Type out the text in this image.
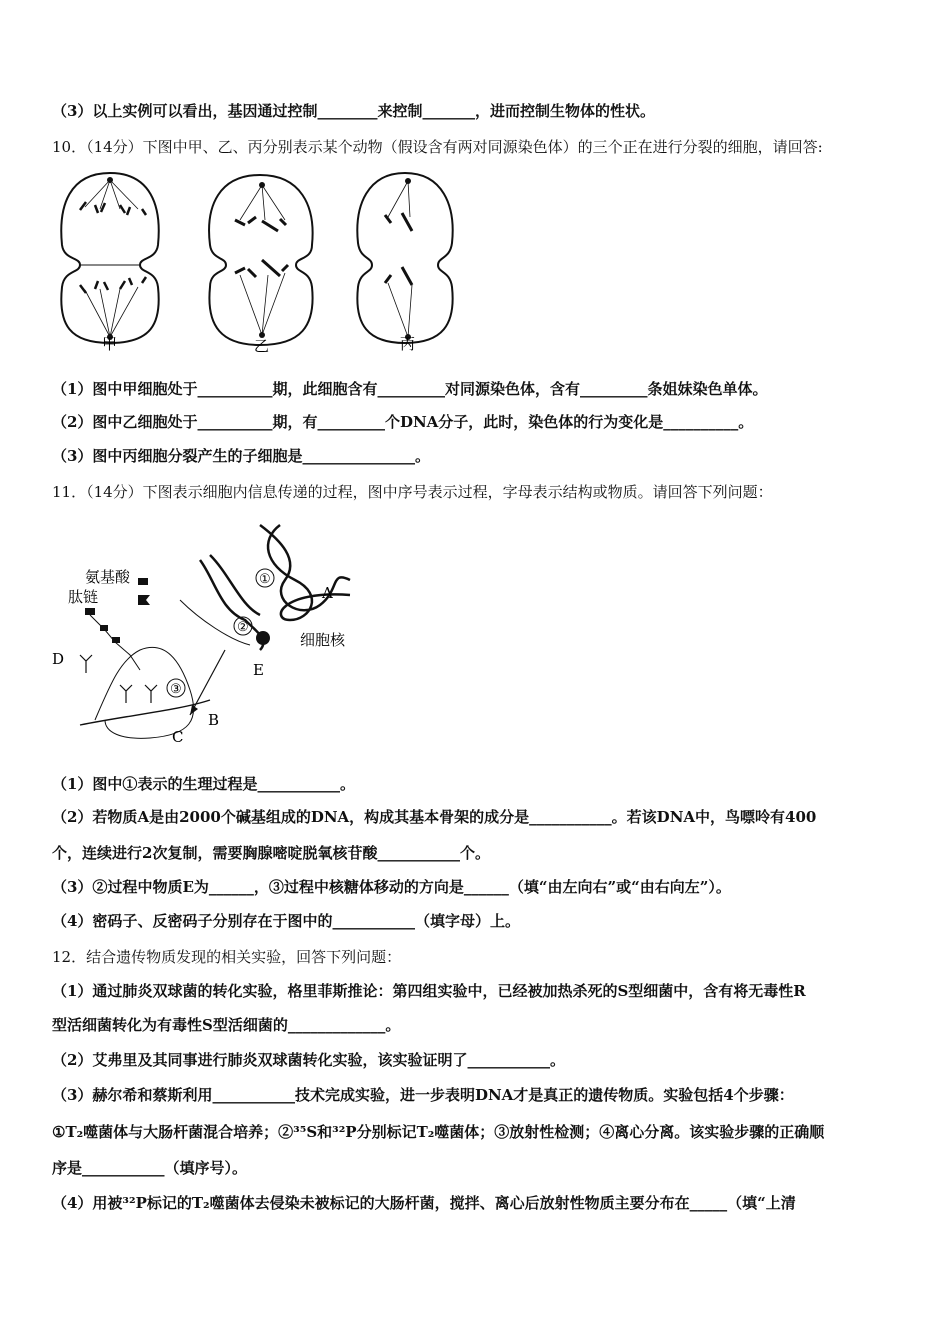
（3）以上实例可以看出，基因通过控制________来控制_______，进而控制生物体的性状。
10．（14分）下图中甲、乙、丙分别表示某个动物（假设含有两对同源染色体）的三个正在进行分裂的细胞，请回答:
甲	乙	丙
（1）图中甲细胞处于__________期，此细胞含有_________对同源染色体，含有_________条姐妹染色单体。
（2）图中乙细胞处于__________期，有_________个DNA分子，此时，染色体的行为变化是__________。
（3）图中丙细胞分裂产生的子细胞是_______________。
11．（14分）下图表示细胞内信息传递的过程，图中序号表示过程，字母表示结构或物质。请回答下列问题：
①
②
③
氨基酸
肽链
细胞核
A
B
C
D
E
（1）图中①表示的生理过程是___________。
（2）若物质A是由2000个碱基组成的DNA，构成其基本骨架的成分是___________。若该DNA中，鸟嘌呤有400
个，连续进行2次复制，需要胸腺嘧啶脱氧核苷酸___________个。
（3）②过程中物质E为______，③过程中核糖体移动的方向是______（填“由左向右”或“由右向左”）。
（4）密码子、反密码子分别存在于图中的___________（填字母）上。
12．结合遗传物质发现的相关实验，回答下列问题：
（1）通过肺炎双球菌的转化实验，格里菲斯推论：第四组实验中，已经被加热杀死的S型细菌中，含有将无毒性R
型活细菌转化为有毒性S型活细菌的_____________。
（2）艾弗里及其同事进行肺炎双球菌转化实验，该实验证明了___________。
（3）赫尔希和蔡斯利用___________技术完成实验，进一步表明DNA才是真正的遗传物质。实验包括4个步骤：
①T₂噬菌体与大肠杆菌混合培养；②³⁵S和³²P分别标记T₂噬菌体；③放射性检测；④离心分离。该实验步骤的正确顺
序是___________（填序号）。
（4）用被³²P标记的T₂噬菌体去侵染未被标记的大肠杆菌，搅拌、离心后放射性物质主要分布在_____（填“上清
